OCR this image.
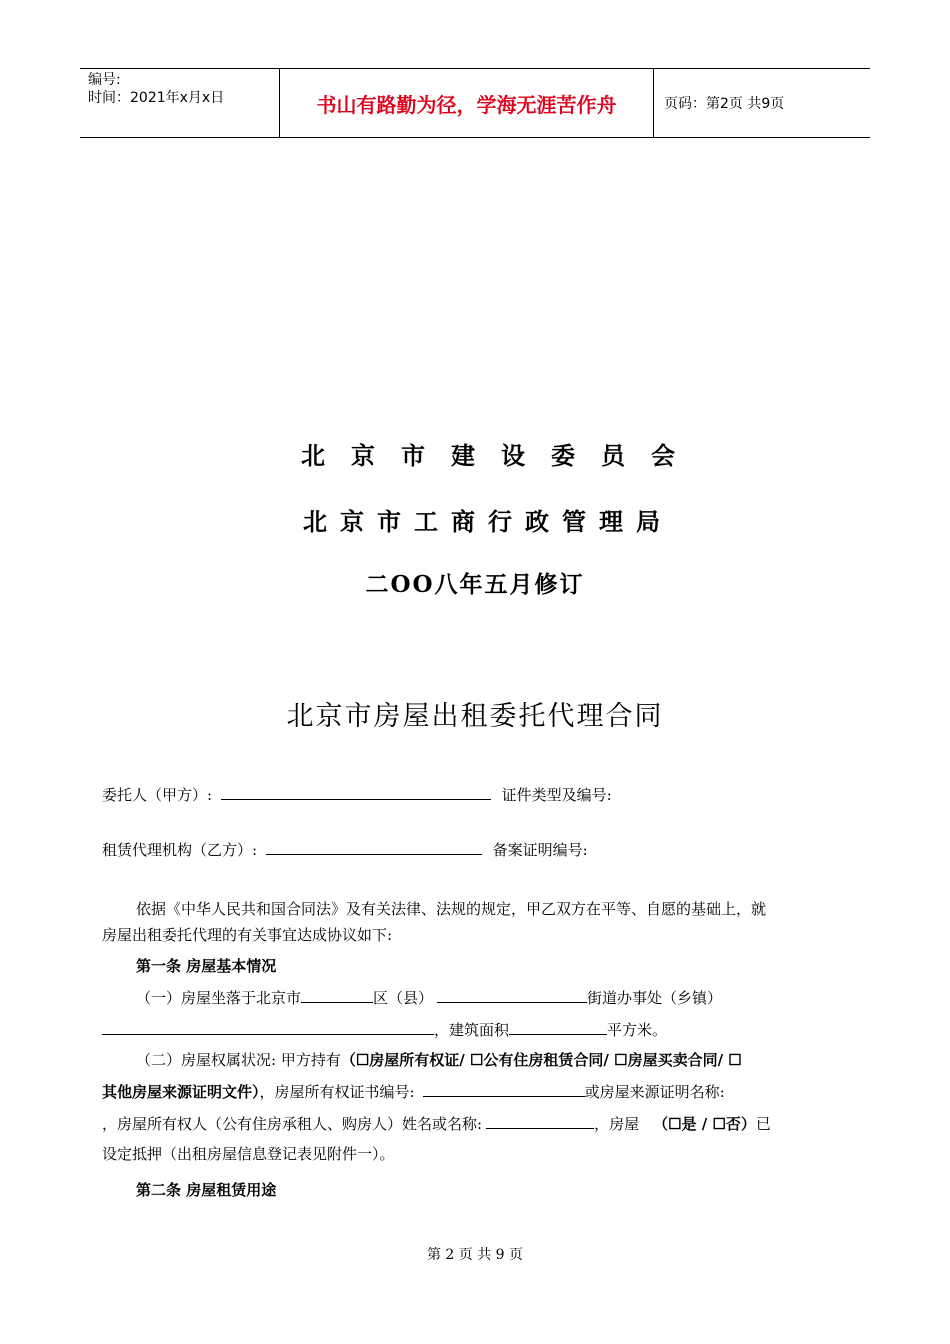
编号:
时间：2021年x月x日	书山有路勤为径，学海无涯苦作舟	页码：第2页 共9页
北京市建设委员会
北京市工商行政管理局
二OO八年五月修订
北京市房屋出租委托代理合同
委托人（甲方）:	证件类型及编号:
租赁代理机构（乙方）:	备案证明编号:
依据《中华人民共和国合同法》及有关法律、法规的规定，甲乙双方在平等、自愿的基础上，就
房屋出租委托代理的有关事宜达成协议如下:
第一条 房屋基本情况
（一）房屋坐落于北京市	区（县）	街道办事处（乡镇）
，建筑面积	平方米。
（二）房屋权属状况: 甲方持有（☐房屋所有权证/ ☐公有住房租赁合同/ ☐房屋买卖合同/ ☐
其他房屋来源证明文件），房屋所有权证书编号:	或房屋来源证明名称:
，房屋所有权人（公有住房承租人、购房人）姓名或名称:	，房屋 （☐是 / ☐否）已
设定抵押（出租房屋信息登记表见附件一）。
第二条 房屋租赁用途
第 2 页 共 9 页
